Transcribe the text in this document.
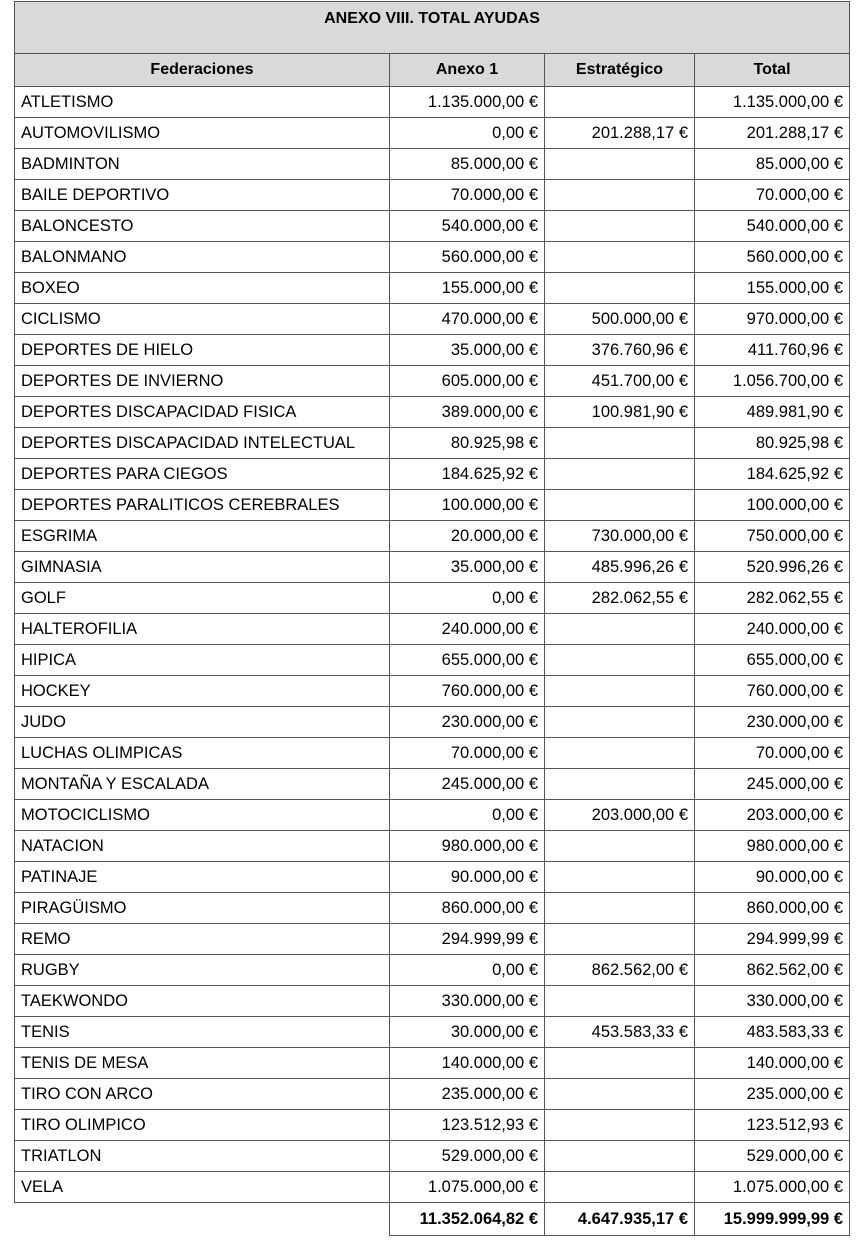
ANEXO VIII. TOTAL AYUDAS			
Federaciones	Anexo 1	Estratégico	Total
ATLETISMO	1.135.000,00 €		1.135.000,00 €
AUTOMOVILISMO	0,00 €	201.288,17 €	201.288,17 €
BADMINTON	85.000,00 €		85.000,00 €
BAILE DEPORTIVO	70.000,00 €		70.000,00 €
BALONCESTO	540.000,00 €		540.000,00 €
BALONMANO	560.000,00 €		560.000,00 €
BOXEO	155.000,00 €		155.000,00 €
CICLISMO	470.000,00 €	500.000,00 €	970.000,00 €
DEPORTES DE HIELO	35.000,00 €	376.760,96 €	411.760,96 €
DEPORTES DE INVIERNO	605.000,00 €	451.700,00 €	1.056.700,00 €
DEPORTES DISCAPACIDAD FISICA	389.000,00 €	100.981,90 €	489.981,90 €
DEPORTES DISCAPACIDAD INTELECTUAL	80.925,98 €		80.925,98 €
DEPORTES PARA CIEGOS	184.625,92 €		184.625,92 €
DEPORTES PARALITICOS CEREBRALES	100.000,00 €		100.000,00 €
ESGRIMA	20.000,00 €	730.000,00 €	750.000,00 €
GIMNASIA	35.000,00 €	485.996,26 €	520.996,26 €
GOLF	0,00 €	282.062,55 €	282.062,55 €
HALTEROFILIA	240.000,00 €		240.000,00 €
HIPICA	655.000,00 €		655.000,00 €
HOCKEY	760.000,00 €		760.000,00 €
JUDO	230.000,00 €		230.000,00 €
LUCHAS OLIMPICAS	70.000,00 €		70.000,00 €
MONTAÑA Y ESCALADA	245.000,00 €		245.000,00 €
MOTOCICLISMO	0,00 €	203.000,00 €	203.000,00 €
NATACION	980.000,00 €		980.000,00 €
PATINAJE	90.000,00 €		90.000,00 €
PIRAGÜISMO	860.000,00 €		860.000,00 €
REMO	294.999,99 €		294.999,99 €
RUGBY	0,00 €	862.562,00 €	862.562,00 €
TAEKWONDO	330.000,00 €		330.000,00 €
TENIS	30.000,00 €	453.583,33 €	483.583,33 €
TENIS DE MESA	140.000,00 €		140.000,00 €
TIRO CON ARCO	235.000,00 €		235.000,00 €
TIRO OLIMPICO	123.512,93 €		123.512,93 €
TRIATLON	529.000,00 €		529.000,00 €
VELA	1.075.000,00 €		1.075.000,00 €
	11.352.064,82 €	4.647.935,17 €	15.999.999,99 €
